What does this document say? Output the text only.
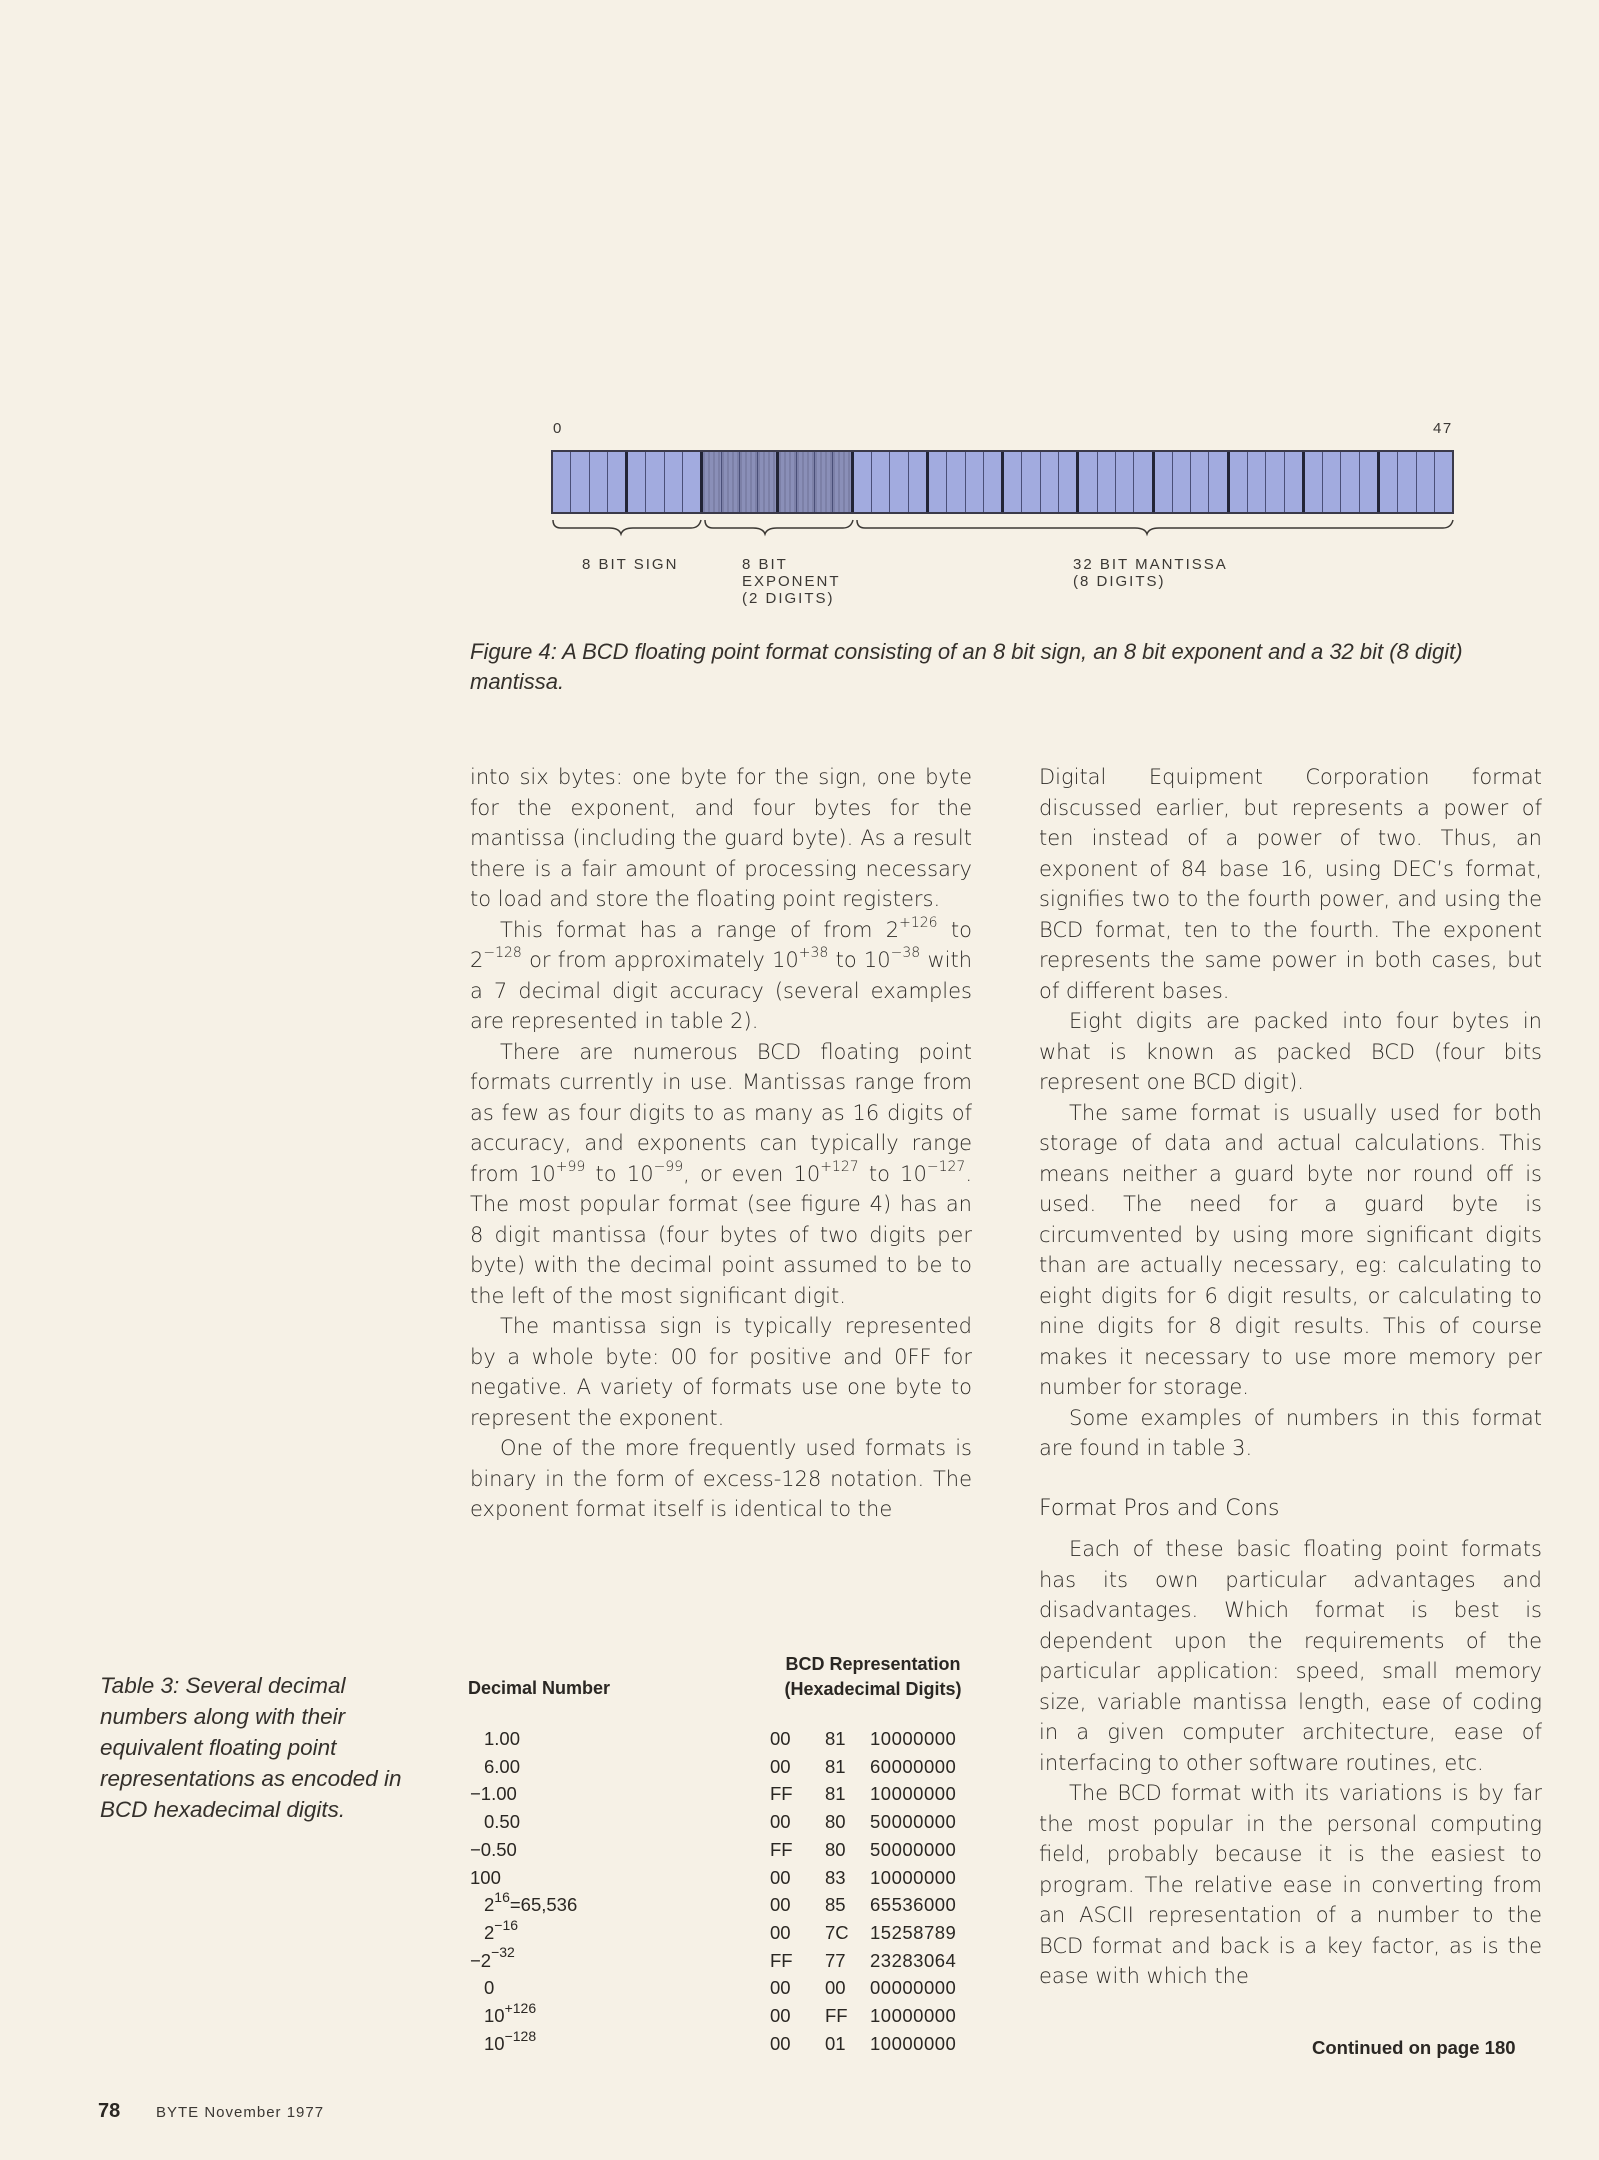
0	47
8 BIT SIGN	8 BIT
EXPONENT
(2 DIGITS)
32 BIT MANTISSA
(8 DIGITS)
Figure 4: A BCD floating point format consisting of an 8 bit sign, an 8 bit exponent and a 32 bit (8 digit) mantissa.

into six bytes: one byte for the sign, one byte for the exponent, and four bytes for the mantissa (including the guard byte). As a result there is a fair amount of processing necessary to load and store the floating point registers.

This format has a range of from $2^{+126}$ to $2^{-128}$ or from approximately $10^{+38}$ to $10^{-38}$ with a 7 decimal digit accuracy (several examples are represented in table 2).

There are numerous BCD floating point formats currently in use. Mantissas range from as few as four digits to as many as 16 digits of accuracy, and exponents can typically range from $10^{+99}$ to $10^{-99}$, or even $10^{+127}$ to $10^{-127}$. The most popular format (see figure 4) has an 8 digit mantissa (four bytes of two digits per byte) with the decimal point assumed to be to the left of the most significant digit.

The mantissa sign is typically represented by a whole byte: 00 for positive and 0FF for negative. A variety of formats use one byte to represent the exponent.

One of the more frequently used formats is binary in the form of excess-128 notation. The exponent format itself is identical to the

Digital Equipment Corporation format discussed earlier, but represents a power of ten instead of a power of two. Thus, an exponent of 84 base 16, using DEC’s format, signifies two to the fourth power, and using the BCD format, ten to the fourth. The exponent represents the same power in both cases, but of different bases.

Eight digits are packed into four bytes in what is known as packed BCD (four bits represent one BCD digit).

The same format is usually used for both storage of data and actual calculations. This means neither a guard byte nor round off is used. The need for a guard byte is circumvented by using more significant digits than are actually necessary, eg: calculating to eight digits for 6 digit results, or calculating to nine digits for 8 digit results. This of course makes it necessary to use more memory per number for storage.

Some examples of numbers in this format are found in table 3.

Format Pros and Cons

Each of these basic floating point formats has its own particular advantages and disadvantages. Which format is best is dependent upon the requirements of the particular application: speed, small memory size, variable mantissa length, ease of coding in a given computer architecture, ease of interfacing to other software routines, etc.

The BCD format with its variations is by far the most popular in the personal computing field, probably because it is the easiest to program. The relative ease in converting from an ASCII representation of a number to the BCD format and back is a key factor, as is the ease with which the

Continued on page 180
Table 3: Several decimal numbers along with their equivalent floating point representations as encoded in BCD hexadecimal digits.
Decimal Number
BCD Representation
(Hexadecimal Digits)
1.00	00 81 10000000
6.00	00 81 60000000
−1.00	FF 81 10000000
0.50	00 80 50000000
−0.50	FF 80 50000000
100	00 83 10000000
$2^{16}=65,536$	00 85 65536000
$2^{-16}$	00 7C 15258789
$-2^{-32}$	FF 77 23283064
0	00 00 00000000
$10^{+126}$	00 FF 10000000
$10^{-128}$	00 01 10000000
78 BYTE November 1977
